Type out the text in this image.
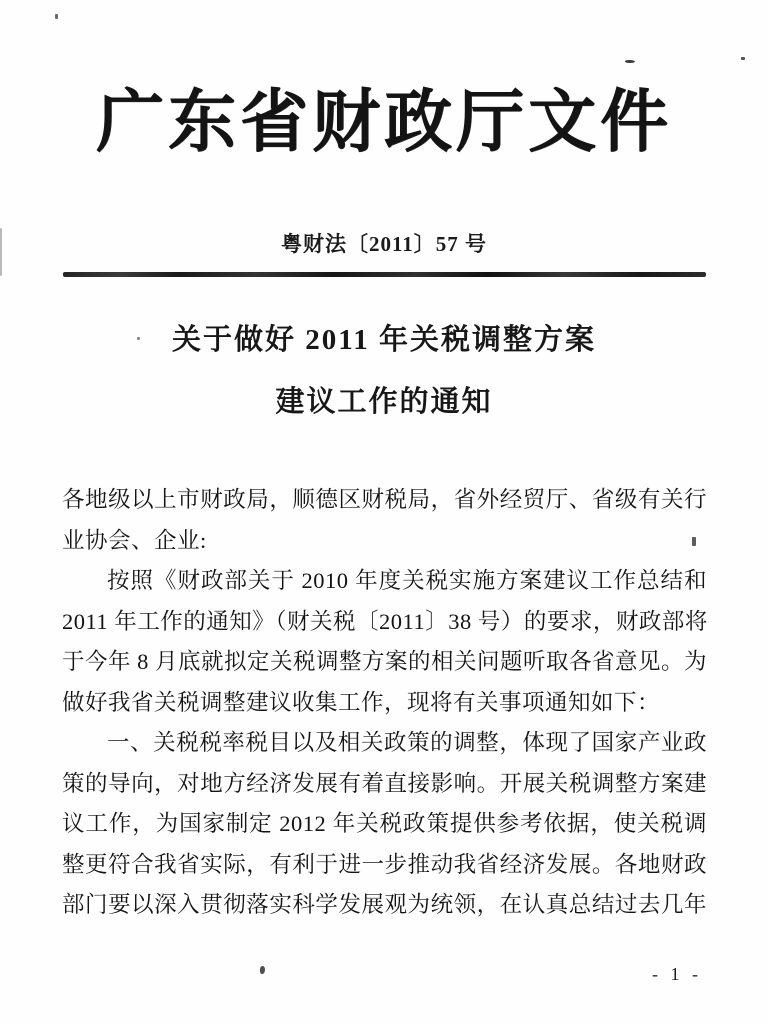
广东省财政厅文件
粤财法〔2011〕57 号
关于做好 2011 年关税调整方案
建议工作的通知
各地级以上市财政局，顺德区财税局，省外经贸厅、省级有关行
业协会、企业:
按照《财政部关于 2010 年度关税实施方案建议工作总结和
2011 年工作的通知》（财关税〔2011〕38 号）的要求，财政部将
于今年 8 月底就拟定关税调整方案的相关问题听取各省意见。为
做好我省关税调整建议收集工作，现将有关事项通知如下：
一、关税税率税目以及相关政策的调整，体现了国家产业政
策的导向，对地方经济发展有着直接影响。开展关税调整方案建
议工作，为国家制定 2012 年关税政策提供参考依据，使关税调
整更符合我省实际，有利于进一步推动我省经济发展。各地财政
部门要以深入贯彻落实科学发展观为统领，在认真总结过去几年
- 1 -
